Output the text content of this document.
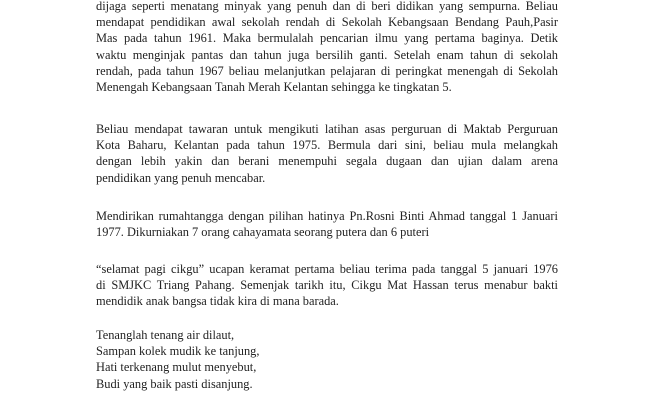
dijaga seperti menatang minyak yang penuh dan di beri didikan yang sempurna. Beliau
mendapat pendidikan awal sekolah rendah di Sekolah Kebangsaan Bendang Pauh,Pasir
Mas pada tahun 1961. Maka bermulalah pencarian ilmu yang pertama baginya. Detik
waktu menginjak pantas dan tahun juga bersilih ganti. Setelah enam tahun di sekolah
rendah, pada tahun 1967 beliau melanjutkan pelajaran di peringkat menengah di Sekolah
Menengah Kebangsaan Tanah Merah Kelantan sehingga ke tingkatan 5.
Beliau mendapat tawaran untuk mengikuti latihan asas perguruan di Maktab Perguruan
Kota Baharu, Kelantan pada tahun 1975. Bermula dari sini, beliau mula melangkah
dengan lebih yakin dan berani menempuhi segala dugaan dan ujian dalam arena
pendidikan yang penuh mencabar.
Mendirikan rumahtangga dengan pilihan hatinya Pn.Rosni Binti Ahmad tanggal 1 Januari
1977. Dikurniakan 7 orang cahayamata seorang putera dan 6 puteri
“selamat pagi cikgu” ucapan keramat pertama beliau terima pada tanggal 5 januari 1976
di SMJKC Triang Pahang. Semenjak tarikh itu, Cikgu Mat Hassan terus menabur bakti
mendidik anak bangsa tidak kira di mana barada.
Tenanglah tenang air dilaut,
Sampan kolek mudik ke tanjung,
Hati terkenang mulut menyebut,
Budi yang baik pasti disanjung.
